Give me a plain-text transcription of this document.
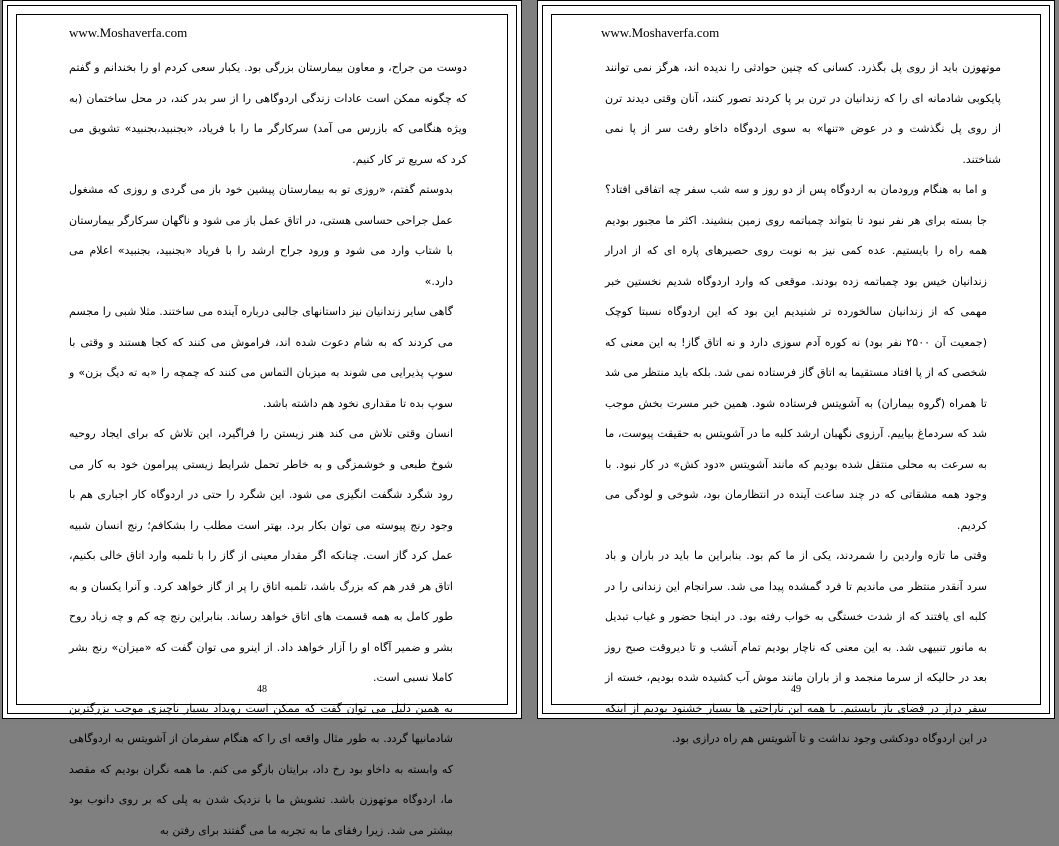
www.Moshaverfa.com

دوست من جراح، و معاون بیمارستان بزرگی بود. یکبار سعی کردم او را بخندانم و گفتم که چگونه ممکن است عادات زندگی اردوگاهی را از سر بدر کند، در محل ساختمان (به ویژه هنگامی که بازرس می آمد) سرکارگر ما را با فریاد، «بجنبید،بجنبید» تشویق می کرد که سریع تر کار کنیم.

بدوستم گفتم، «روزی تو به بیمارستان پیشین خود باز می گردی و روزی که مشغول عمل جراحی حساسی هستی، در اتاق عمل باز می شود و ناگهان سرکارگر بیمارستان با شتاب وارد می شود و ورود جراح ارشد را با فریاد «بجنبید، بجنبید» اعلام می دارد.»

گاهی سایر زندانیان نیز داستانهای جالبی درباره آینده می ساختند. مثلا شبی را مجسم می کردند که به شام دعوت شده اند، فراموش می کنند که کجا هستند و وقتی با سوپ پذیرایی می شوند به میزبان التماس می کنند که چمچه را «به ته دیگ بزن» و سوپ بده تا مقداری نخود هم داشته باشد.

انسان وقتی تلاش می کند هنر زیستن را فراگیرد، این تلاش که برای ایجاد روحیه شوخ طبعی و خوشمزگی و به خاطر تحمل شرایط زیستی پیرامون خود به کار می رود شگرد شگفت انگیزی می شود. این شگرد را حتی در اردوگاه کار اجباری هم با وجود رنج پیوسته می توان بکار برد. بهتر است مطلب را بشکافم؛ رنج انسان شبیه عمل کرد گاز است. چنانکه اگر مقدار معینی از گاز را با تلمبه وارد اتاق خالی بکنیم، اتاق هر قدر هم که بزرگ باشد، تلمبه اتاق را پر از گاز خواهد کرد. و آنرا یکسان و به طور کامل به همه قسمت های اتاق خواهد رساند. بنابراین رنج چه کم و چه زیاد روح بشر و ضمیر آگاه او را آزار خواهد داد. از اینرو می توان گفت که «میزان» رنج بشر کاملا نسبی است.

به همین دلیل می توان گفت که ممکن است رویداد بسیار ناچیزی موجب بزرگترین شادمانیها گردد. به طور مثال واقعه ای را که هنگام سفرمان از آشویتس به اردوگاهی که وابسته به داخاو بود رخ داد، برایتان بازگو می کنم. ما همه نگران بودیم که مقصد ما، اردوگاه موتهوزن باشد. تشویش ما با نزدیک شدن به پلی که بر روی دانوب بود بیشتر می شد. زیرا رفقای ما به تجربه ما می گفتند برای رفتن به

48
www.Moshaverfa.com

موتهوزن باید از روی پل بگذرد. کسانی که چنین حوادثی را ندیده اند، هرگز نمی توانند پایکوبی شادمانه ای را که زندانیان در ترن بر پا کردند تصور کنند، آنان وقتی دیدند ترن از روی پل نگذشت و در عوض «تنها» به سوی اردوگاه داخاو رفت سر از پا نمی شناختند.

و اما به هنگام ورودمان به اردوگاه پس از دو روز و سه شب سفر چه اتفاقی افتاد؟ جا بسته برای هر نفر نبود تا بتواند چمباتمه روی زمین بنشیند. اکثر ما مجبور بودیم همه راه را بایستیم. عده کمی نیز به نوبت روی حصیرهای پاره ای که از ادرار زندانیان خیس بود چمباتمه زده بودند. موقعی که وارد اردوگاه شدیم نخستین خبر مهمی که از زندانیان سالخورده تر شنیدیم این بود که این اردوگاه نسبتا کوچک (جمعیت آن ۲۵۰۰ نفر بود) نه کوره آدم سوزی دارد و نه اتاق گاز! به این معنی که شخصی که از پا افتاد مستقیما به اتاق گاز فرستاده نمی شد. بلکه باید منتظر می شد تا همراه (گروه بیماران) به آشویتس فرستاده شود. همین خبر مسرت بخش موجب شد که سردماغ بیاییم. آرزوی نگهبان ارشد کلبه ما در آشویتس به حقیقت پیوست، ما به سرعت به محلی منتقل شده بودیم که مانند آشویتس «دود کش» در کار نبود. با وجود همه مشقاتی که در چند ساعت آینده در انتظارمان بود، شوخی و لودگی می کردیم.

وقتی ما تازه واردین را شمردند، یکی از ما کم بود. بنابراین ما باید در باران و باد سرد آنقدر منتظر می ماندیم تا فرد گمشده پیدا می شد. سرانجام این زندانی را در کلبه ای یافتند که از شدت خستگی به خواب رفته بود. در اینجا حضور و غیاب تبدیل به مانور تنبیهی شد. به این معنی که ناچار بودیم تمام آنشب و تا دیروقت صبح روز بعد در حالیکه از سرما منجمد و از باران مانند موش آب کشیده شده بودیم، خسته از سفر دراز در فضای باز بایستیم. با همه این ناراحتی ها بسیار خشنود بودیم از اینکه در این اردوگاه دودکشی وجود نداشت و تا آشویتس هم راه درازی بود.

49
